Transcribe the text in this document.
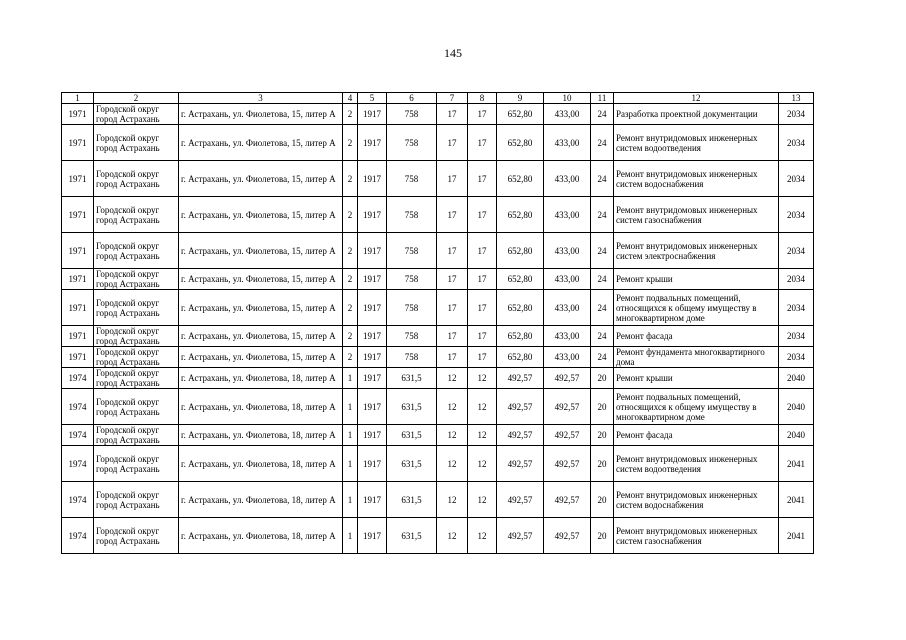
145
1	2	3	4	5	6	7	8	9	10	11	12	13
1971	Городской округ город Астрахань	г. Астрахань, ул. Фиолетова, 15, литер А	2	1917	758	17	17	652,80	433,00	24	Разработка проектной документации	2034
1971	Городской округ город Астрахань	г. Астрахань, ул. Фиолетова, 15, литер А	2	1917	758	17	17	652,80	433,00	24	Ремонт внутридомовых инженерных систем водоотведения	2034
1971	Городской округ город Астрахань	г. Астрахань, ул. Фиолетова, 15, литер А	2	1917	758	17	17	652,80	433,00	24	Ремонт внутридомовых инженерных систем водоснабжения	2034
1971	Городской округ город Астрахань	г. Астрахань, ул. Фиолетова, 15, литер А	2	1917	758	17	17	652,80	433,00	24	Ремонт внутридомовых инженерных систем газоснабжения	2034
1971	Городской округ город Астрахань	г. Астрахань, ул. Фиолетова, 15, литер А	2	1917	758	17	17	652,80	433,00	24	Ремонт внутридомовых инженерных систем электроснабжения	2034
1971	Городской округ город Астрахань	г. Астрахань, ул. Фиолетова, 15, литер А	2	1917	758	17	17	652,80	433,00	24	Ремонт крыши	2034
1971	Городской округ город Астрахань	г. Астрахань, ул. Фиолетова, 15, литер А	2	1917	758	17	17	652,80	433,00	24	Ремонт подвальных помещений, относящихся к общему имуществу в многоквартирном доме	2034
1971	Городской округ город Астрахань	г. Астрахань, ул. Фиолетова, 15, литер А	2	1917	758	17	17	652,80	433,00	24	Ремонт фасада	2034
1971	Городской округ город Астрахань	г. Астрахань, ул. Фиолетова, 15, литер А	2	1917	758	17	17	652,80	433,00	24	Ремонт фундамента многоквартирного дома	2034
1974	Городской округ город Астрахань	г. Астрахань, ул. Фиолетова, 18, литер А	1	1917	631,5	12	12	492,57	492,57	20	Ремонт крыши	2040
1974	Городской округ город Астрахань	г. Астрахань, ул. Фиолетова, 18, литер А	1	1917	631,5	12	12	492,57	492,57	20	Ремонт подвальных помещений, относящихся к общему имуществу в многоквартирном доме	2040
1974	Городской округ город Астрахань	г. Астрахань, ул. Фиолетова, 18, литер А	1	1917	631,5	12	12	492,57	492,57	20	Ремонт фасада	2040
1974	Городской округ город Астрахань	г. Астрахань, ул. Фиолетова, 18, литер А	1	1917	631,5	12	12	492,57	492,57	20	Ремонт внутридомовых инженерных систем водоотведения	2041
1974	Городской округ город Астрахань	г. Астрахань, ул. Фиолетова, 18, литер А	1	1917	631,5	12	12	492,57	492,57	20	Ремонт внутридомовых инженерных систем водоснабжения	2041
1974	Городской округ город Астрахань	г. Астрахань, ул. Фиолетова, 18, литер А	1	1917	631,5	12	12	492,57	492,57	20	Ремонт внутридомовых инженерных систем газоснабжения	2041
